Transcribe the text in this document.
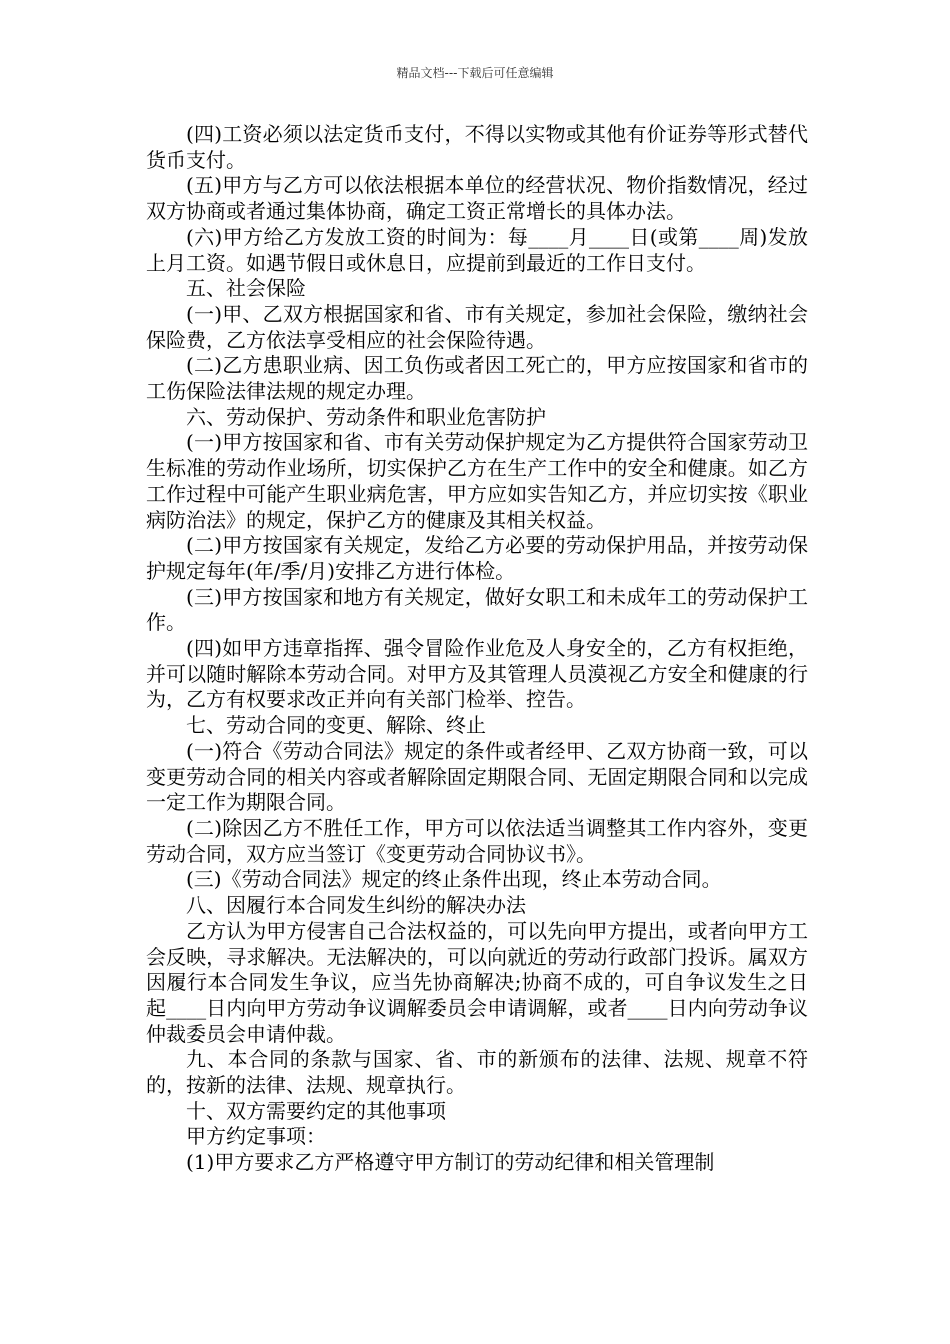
精品文档---下载后可任意编辑

(四)工资必须以法定货币支付，不得以实物或其他有价证券等形式替代货币支付。

(五)甲方与乙方可以依法根据本单位的经营状况、物价指数情况，经过双方协商或者通过集体协商，确定工资正常增长的具体办法。

(六)甲方给乙方发放工资的时间为：每____月____日(或第____周)发放上月工资。如遇节假日或休息日，应提前到最近的工作日支付。

五、社会保险

(一)甲、乙双方根据国家和省、市有关规定，参加社会保险，缴纳社会保险费，乙方依法享受相应的社会保险待遇。

(二)乙方患职业病、因工负伤或者因工死亡的，甲方应按国家和省市的工伤保险法律法规的规定办理。

六、劳动保护、劳动条件和职业危害防护

(一)甲方按国家和省、市有关劳动保护规定为乙方提供符合国家劳动卫生标准的劳动作业场所，切实保护乙方在生产工作中的安全和健康。如乙方工作过程中可能产生职业病危害，甲方应如实告知乙方，并应切实按《职业病防治法》的规定，保护乙方的健康及其相关权益。

(二)甲方按国家有关规定，发给乙方必要的劳动保护用品，并按劳动保护规定每年(年/季/月)安排乙方进行体检。

(三)甲方按国家和地方有关规定，做好女职工和未成年工的劳动保护工作。

(四)如甲方违章指挥、强令冒险作业危及人身安全的，乙方有权拒绝，并可以随时解除本劳动合同。对甲方及其管理人员漠视乙方安全和健康的行为，乙方有权要求改正并向有关部门检举、控告。

七、劳动合同的变更、解除、终止

(一)符合《劳动合同法》规定的条件或者经甲、乙双方协商一致，可以变更劳动合同的相关内容或者解除固定期限合同、无固定期限合同和以完成一定工作为期限合同。

(二)除因乙方不胜任工作，甲方可以依法适当调整其工作内容外，变更劳动合同，双方应当签订《变更劳动合同协议书》。

(三)《劳动合同法》规定的终止条件出现，终止本劳动合同。

八、因履行本合同发生纠纷的解决办法

乙方认为甲方侵害自己合法权益的，可以先向甲方提出，或者向甲方工会反映，寻求解决。无法解决的，可以向就近的劳动行政部门投诉。属双方因履行本合同发生争议，应当先协商解决;协商不成的，可自争议发生之日起____日内向甲方劳动争议调解委员会申请调解，或者____日内向劳动争议仲裁委员会申请仲裁。

九、本合同的条款与国家、省、市的新颁布的法律、法规、规章不符的，按新的法律、法规、规章执行。

十、双方需要约定的其他事项

甲方约定事项：

(1)甲方要求乙方严格遵守甲方制订的劳动纪律和相关管理制
